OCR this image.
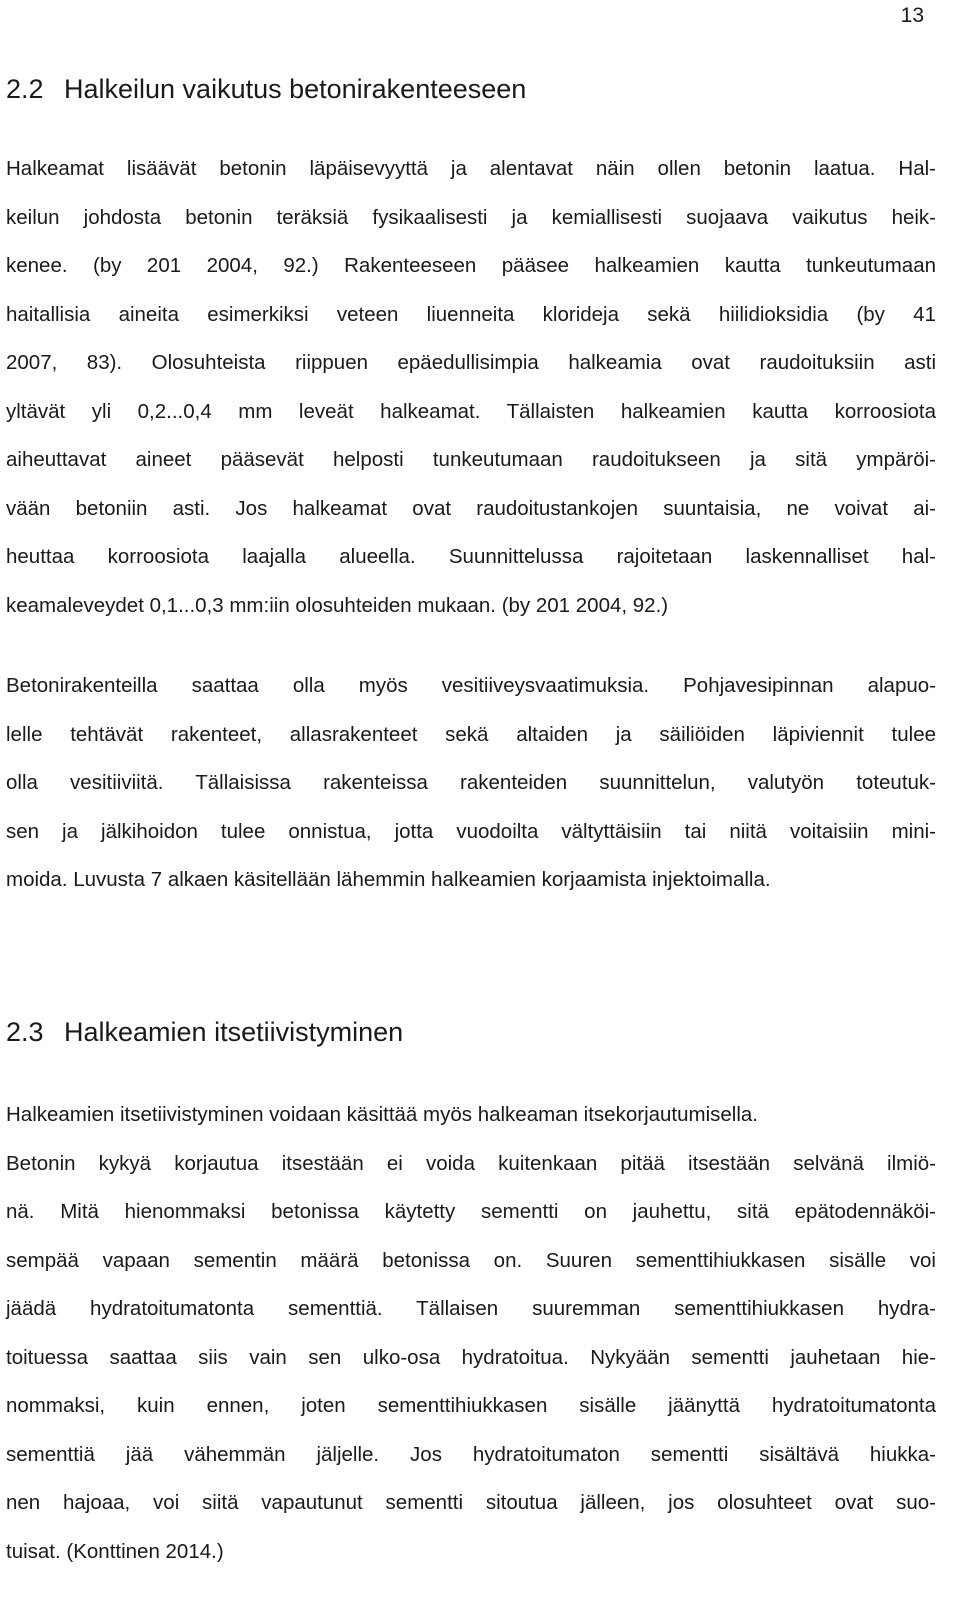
13
2.2 Halkeilun vaikutus betonirakenteeseen
Halkeamat lisäävät betonin läpäisevyyttä ja alentavat näin ollen betonin laatua. Hal-
keilun johdosta betonin teräksiä fysikaalisesti ja kemiallisesti suojaava vaikutus heik-
kenee. (by 201 2004, 92.) Rakenteeseen pääsee halkeamien kautta tunkeutumaan
haitallisia aineita esimerkiksi veteen liuenneita klorideja sekä hiilidioksidia (by 41
2007, 83). Olosuhteista riippuen epäedullisimpia halkeamia ovat raudoituksiin asti
yltävät yli 0,2...0,4 mm leveät halkeamat. Tällaisten halkeamien kautta korroosiota
aiheuttavat aineet pääsevät helposti tunkeutumaan raudoitukseen ja sitä ympäröi-
vään betoniin asti. Jos halkeamat ovat raudoitustankojen suuntaisia, ne voivat ai-
heuttaa korroosiota laajalla alueella. Suunnittelussa rajoitetaan laskennalliset hal-
keamaleveydet 0,1...0,3 mm:iin olosuhteiden mukaan. (by 201 2004, 92.)
Betonirakenteilla saattaa olla myös vesitiiveysvaatimuksia. Pohjavesipinnan alapuo-
lelle tehtävät rakenteet, allasrakenteet sekä altaiden ja säiliöiden läpiviennit tulee
olla vesitiiviitä. Tällaisissa rakenteissa rakenteiden suunnittelun, valutyön toteutuk-
sen ja jälkihoidon tulee onnistua, jotta vuodoilta vältyttäisiin tai niitä voitaisiin mini-
moida. Luvusta 7 alkaen käsitellään lähemmin halkeamien korjaamista injektoimalla.
2.3 Halkeamien itsetiivistyminen
Halkeamien itsetiivistyminen voidaan käsittää myös halkeaman itsekorjautumisella.
Betonin kykyä korjautua itsestään ei voida kuitenkaan pitää itsestään selvänä ilmiö-
nä. Mitä hienommaksi betonissa käytetty sementti on jauhettu, sitä epätodennäköi-
sempää vapaan sementin määrä betonissa on. Suuren sementtihiukkasen sisälle voi
jäädä hydratoitumatonta sementtiä. Tällaisen suuremman sementtihiukkasen hydra-
toituessa saattaa siis vain sen ulko-osa hydratoitua. Nykyään sementti jauhetaan hie-
nommaksi, kuin ennen, joten sementtihiukkasen sisälle jäänyttä hydratoitumatonta
sementtiä jää vähemmän jäljelle. Jos hydratoitumaton sementti sisältävä hiukka-
nen hajoaa, voi siitä vapautunut sementti sitoutua jälleen, jos olosuhteet ovat suo-
tuisat. (Konttinen 2014.)
